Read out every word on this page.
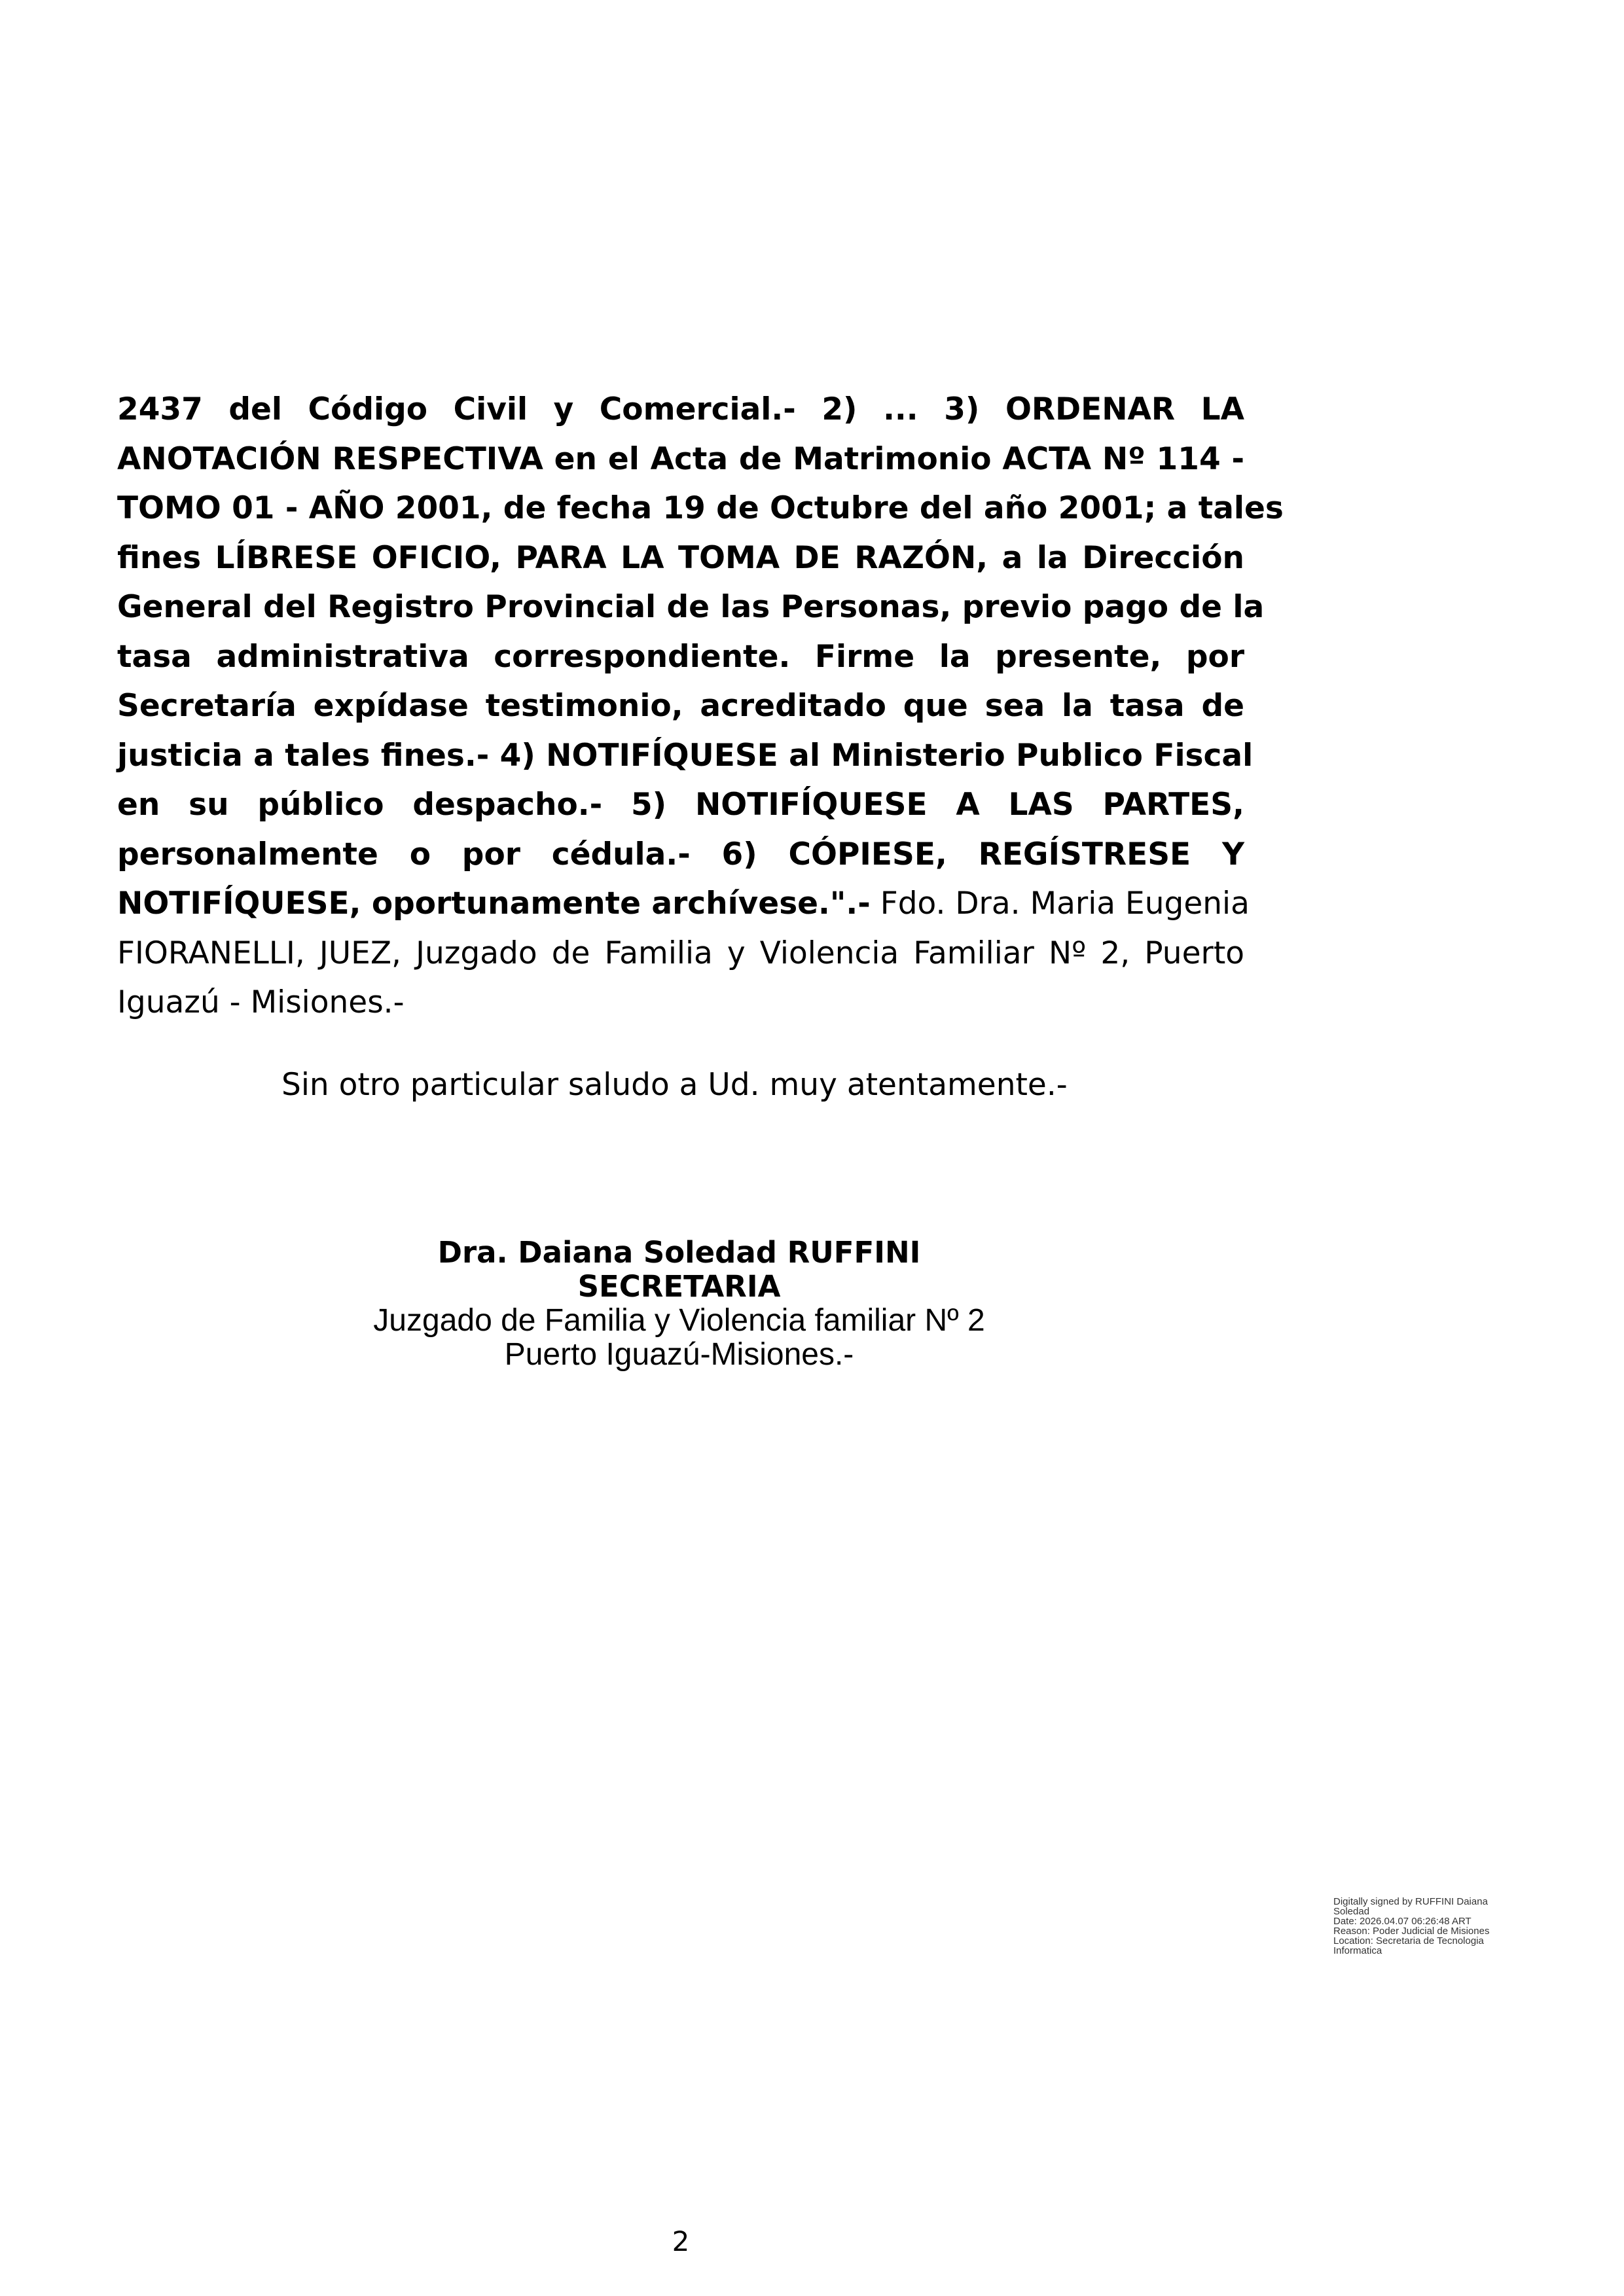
2437 del Código Civil y Comercial.- 2) ... 3) ORDENAR LA
ANOTACIÓN RESPECTIVA en el Acta de Matrimonio ACTA Nº 114 -
TOMO 01 - AÑO 2001, de fecha 19 de Octubre del año 2001; a tales
fines LÍBRESE OFICIO, PARA LA TOMA DE RAZÓN, a la Dirección
General del Registro Provincial de las Personas, previo pago de la
tasa administrativa correspondiente. Firme la presente, por
Secretaría expídase testimonio, acreditado que sea la tasa de
justicia a tales fines.- 4) NOTIFÍQUESE al Ministerio Publico Fiscal
en su público despacho.- 5) NOTIFÍQUESE A LAS PARTES,
personalmente o por cédula.- 6) CÓPIESE, REGÍSTRESE Y
NOTIFÍQUESE, oportunamente archívese.".- Fdo. Dra. Maria Eugenia
FIORANELLI, JUEZ, Juzgado de Familia y Violencia Familiar Nº 2, Puerto
Iguazú - Misiones.-
Sin otro particular saludo a Ud. muy atentamente.-
Dra. Daiana Soledad RUFFINI
SECRETARIA
Juzgado de Familia y Violencia familiar Nº 2
Puerto Iguazú-Misiones.-
Digitally signed by RUFFINI Daiana
Soledad
Date: 2026.04.07 06:26:48 ART
Reason: Poder Judicial de Misiones
Location: Secretaria de Tecnologia
Informatica
2
